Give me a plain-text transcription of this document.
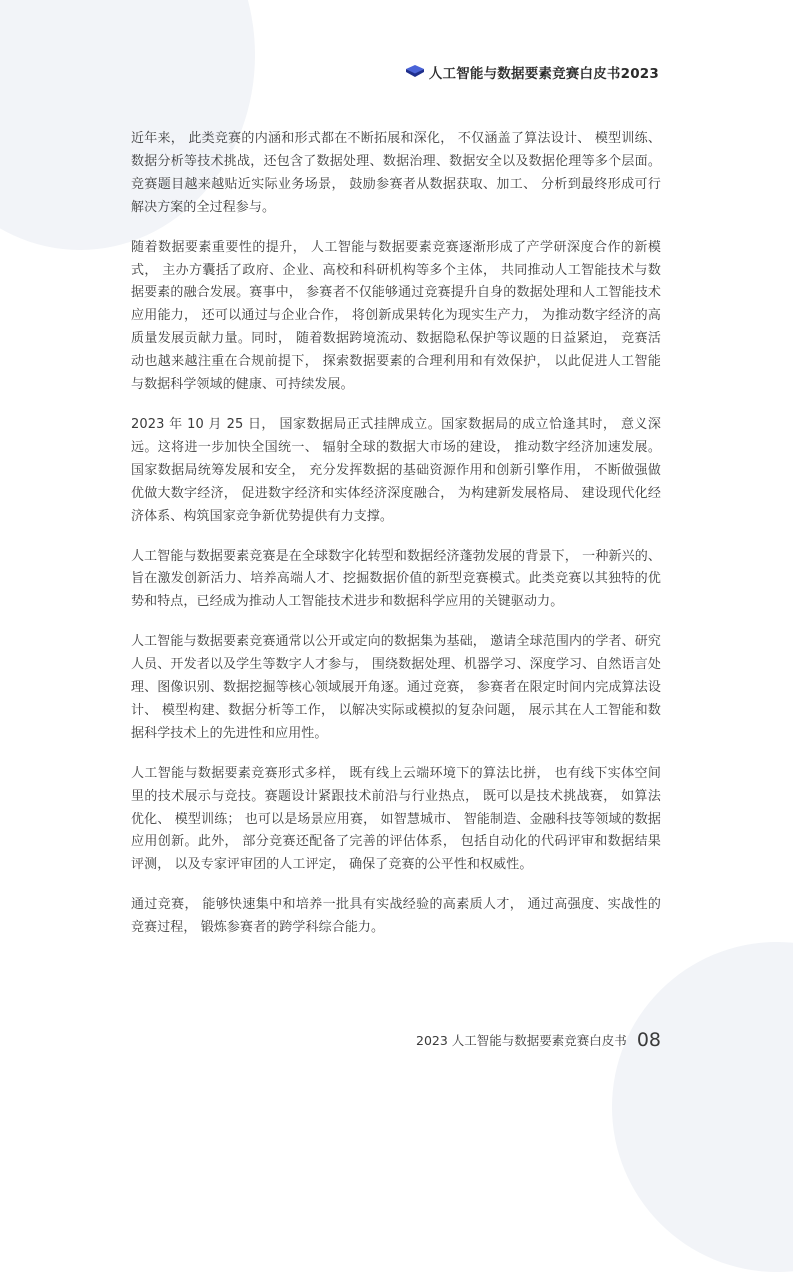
人工智能与数据要素竞赛白皮书2023

近年来， 此类竞赛的内涵和形式都在不断拓展和深化， 不仅涵盖了算法设计、 模型训练、数据分析等技术挑战，还包含了数据处理、数据治理、数据安全以及数据伦理等多个层面。竞赛题目越来越贴近实际业务场景， 鼓励参赛者从数据获取、加工、 分析到最终形成可行解决方案的全过程参与。

随着数据要素重要性的提升， 人工智能与数据要素竞赛逐渐形成了产学研深度合作的新模式， 主办方囊括了政府、企业、高校和科研机构等多个主体， 共同推动人工智能技术与数据要素的融合发展。赛事中， 参赛者不仅能够通过竞赛提升自身的数据处理和人工智能技术应用能力， 还可以通过与企业合作， 将创新成果转化为现实生产力， 为推动数字经济的高质量发展贡献力量。同时， 随着数据跨境流动、数据隐私保护等议题的日益紧迫， 竞赛活动也越来越注重在合规前提下， 探索数据要素的合理利用和有效保护， 以此促进人工智能与数据科学领域的健康、可持续发展。

2023 年 10 月 25 日， 国家数据局正式挂牌成立。国家数据局的成立恰逢其时， 意义深远。这将进一步加快全国统一、 辐射全球的数据大市场的建设， 推动数字经济加速发展。国家数据局统筹发展和安全， 充分发挥数据的基础资源作用和创新引擎作用， 不断做强做优做大数字经济， 促进数字经济和实体经济深度融合， 为构建新发展格局、 建设现代化经济体系、构筑国家竞争新优势提供有力支撑。

人工智能与数据要素竞赛是在全球数字化转型和数据经济蓬勃发展的背景下， 一种新兴的、旨在激发创新活力、培养高端人才、挖掘数据价值的新型竞赛模式。此类竞赛以其独特的优势和特点，已经成为推动人工智能技术进步和数据科学应用的关键驱动力。

人工智能与数据要素竞赛通常以公开或定向的数据集为基础， 邀请全球范围内的学者、研究人员、开发者以及学生等数字人才参与， 围绕数据处理、机器学习、深度学习、自然语言处理、图像识别、数据挖掘等核心领域展开角逐。通过竞赛， 参赛者在限定时间内完成算法设计、 模型构建、数据分析等工作， 以解决实际或模拟的复杂问题， 展示其在人工智能和数据科学技术上的先进性和应用性。

人工智能与数据要素竞赛形式多样， 既有线上云端环境下的算法比拼， 也有线下实体空间里的技术展示与竞技。赛题设计紧跟技术前沿与行业热点， 既可以是技术挑战赛， 如算法优化、 模型训练； 也可以是场景应用赛， 如智慧城市、 智能制造、金融科技等领域的数据应用创新。此外， 部分竞赛还配备了完善的评估体系， 包括自动化的代码评审和数据结果评测， 以及专家评审团的人工评定， 确保了竞赛的公平性和权威性。

通过竞赛， 能够快速集中和培养一批具有实战经验的高素质人才， 通过高强度、实战性的竞赛过程， 锻炼参赛者的跨学科综合能力。

2023 人工智能与数据要素竞赛白皮书 08
